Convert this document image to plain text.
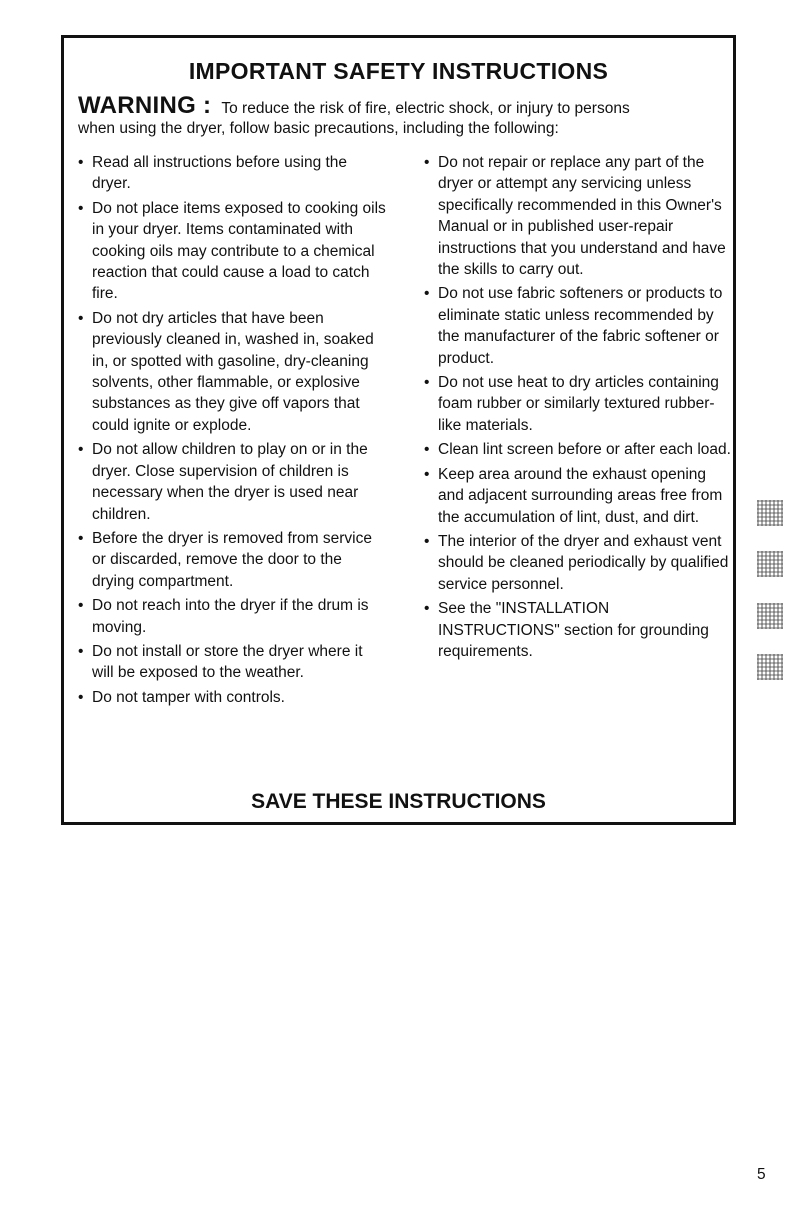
IMPORTANT SAFETY INSTRUCTIONS
WARNING : To reduce the risk of fire, electric shock, or injury to persons
when using the dryer, follow basic precautions, including the following:
• Read all instructions before using the dryer.
• Do not place items exposed to cooking oils in your dryer. Items contaminated with cooking oils may contribute to a chemical reaction that could cause a load to catch fire.
• Do not dry articles that have been previously cleaned in, washed in, soaked in, or spotted with gasoline, dry-cleaning solvents, other flammable, or explosive substances as they give off vapors that could ignite or explode.
• Do not allow children to play on or in the dryer. Close supervision of children is necessary when the dryer is used near children.
• Before the dryer is removed from service or discarded, remove the door to the drying compartment.
• Do not reach into the dryer if the drum is moving.
• Do not install or store the dryer where it will be exposed to the weather.
• Do not tamper with controls.
• Do not repair or replace any part of the dryer or attempt any servicing unless specifically recommended in this Owner's Manual or in published user-repair instructions that you understand and have the skills to carry out.
• Do not use fabric softeners or products to eliminate static unless recommended by the manufacturer of the fabric softener or product.
• Do not use heat to dry articles containing foam rubber or similarly textured rubber-like materials.
• Clean lint screen before or after each load.
• Keep area around the exhaust opening and adjacent surrounding areas free from the accumulation of lint, dust, and dirt.
• The interior of the dryer and exhaust vent should be cleaned periodically by qualified service personnel.
• See the "INSTALLATION INSTRUCTIONS" section for grounding requirements.
SAVE THESE INSTRUCTIONS
5
